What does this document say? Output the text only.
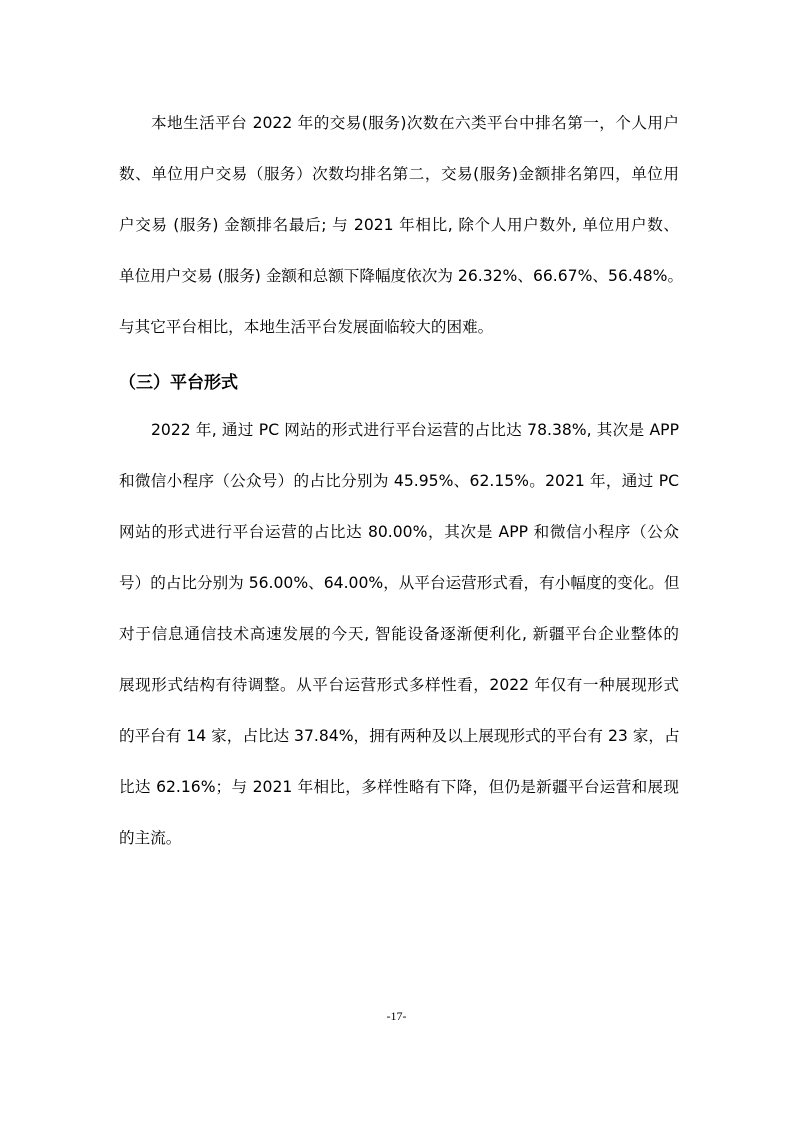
本地生活平台 2022 年的交易(服务)次数在六类平台中排名第一，个人用户
数、单位用户交易（服务）次数均排名第二，交易(服务)金额排名第四，单位用
户交易 (服务) 金额排名最后; 与 2021 年相比, 除个人用户数外, 单位用户数、
单位用户交易 (服务) 金额和总额下降幅度依次为 26.32%、66.67%、56.48%。
与其它平台相比，本地生活平台发展面临较大的困难。
（三）平台形式
2022 年, 通过 PC 网站的形式进行平台运营的占比达 78.38%, 其次是 APP
和微信小程序（公众号）的占比分别为 45.95%、62.15%。2021 年，通过 PC
网站的形式进行平台运营的占比达 80.00%，其次是 APP 和微信小程序（公众
号）的占比分别为 56.00%、64.00%，从平台运营形式看，有小幅度的变化。但
对于信息通信技术高速发展的今天, 智能设备逐渐便利化, 新疆平台企业整体的
展现形式结构有待调整。从平台运营形式多样性看，2022 年仅有一种展现形式
的平台有 14 家，占比达 37.84%，拥有两种及以上展现形式的平台有 23 家，占
比达 62.16%；与 2021 年相比，多样性略有下降，但仍是新疆平台运营和展现
的主流。
-17-
